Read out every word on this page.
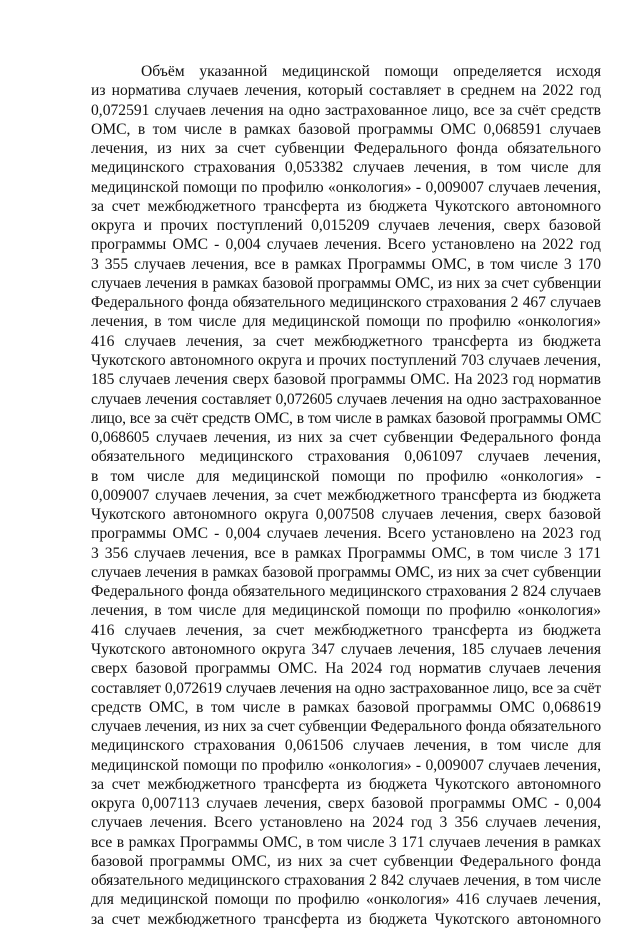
Объём указанной медицинской помощи определяется исходя
из норматива случаев лечения, который составляет в среднем на 2022 год
0,072591 случаев лечения на одно застрахованное лицо, все за счёт средств
ОМС, в том числе в рамках базовой программы ОМС 0,068591 случаев
лечения, из них за счет субвенции Федерального фонда обязательного
медицинского страхования 0,053382 случаев лечения, в том числе для
медицинской помощи по профилю «онкология» - 0,009007 случаев лечения,
за счет межбюджетного трансферта из бюджета Чукотского автономного
округа и прочих поступлений 0,015209 случаев лечения, сверх базовой
программы ОМС - 0,004 случаев лечения. Всего установлено на 2022 год
3 355 случаев лечения, все в рамках Программы ОМС, в том числе 3 170
случаев лечения в рамках базовой программы ОМС, из них за счет субвенции
Федерального фонда обязательного медицинского страхования 2 467 случаев
лечения, в том числе для медицинской помощи по профилю «онкология»
416 случаев лечения, за счет межбюджетного трансферта из бюджета
Чукотского автономного округа и прочих поступлений 703 случаев лечения,
185 случаев лечения сверх базовой программы ОМС. На 2023 год норматив
случаев лечения составляет 0,072605 случаев лечения на одно застрахованное
лицо, все за счёт средств ОМС, в том числе в рамках базовой программы ОМС
0,068605 случаев лечения, из них за счет субвенции Федерального фонда
обязательного медицинского страхования 0,061097 случаев лечения,
в том числе для медицинской помощи по профилю «онкология» -
0,009007 случаев лечения, за счет межбюджетного трансферта из бюджета
Чукотского автономного округа 0,007508 случаев лечения, сверх базовой
программы ОМС - 0,004 случаев лечения. Всего установлено на 2023 год
3 356 случаев лечения, все в рамках Программы ОМС, в том числе 3 171
случаев лечения в рамках базовой программы ОМС, из них за счет субвенции
Федерального фонда обязательного медицинского страхования 2 824 случаев
лечения, в том числе для медицинской помощи по профилю «онкология»
416 случаев лечения, за счет межбюджетного трансферта из бюджета
Чукотского автономного округа 347 случаев лечения, 185 случаев лечения
сверх базовой программы ОМС. На 2024 год норматив случаев лечения
составляет 0,072619 случаев лечения на одно застрахованное лицо, все за счёт
средств ОМС, в том числе в рамках базовой программы ОМС 0,068619
случаев лечения, из них за счет субвенции Федерального фонда обязательного
медицинского страхования 0,061506 случаев лечения, в том числе для
медицинской помощи по профилю «онкология» - 0,009007 случаев лечения,
за счет межбюджетного трансферта из бюджета Чукотского автономного
округа 0,007113 случаев лечения, сверх базовой программы ОМС - 0,004
случаев лечения. Всего установлено на 2024 год 3 356 случаев лечения,
все в рамках Программы ОМС, в том числе 3 171 случаев лечения в рамках
базовой программы ОМС, из них за счет субвенции Федерального фонда
обязательного медицинского страхования 2 842 случаев лечения, в том числе
для медицинской помощи по профилю «онкология» 416 случаев лечения,
за счет межбюджетного трансферта из бюджета Чукотского автономного
